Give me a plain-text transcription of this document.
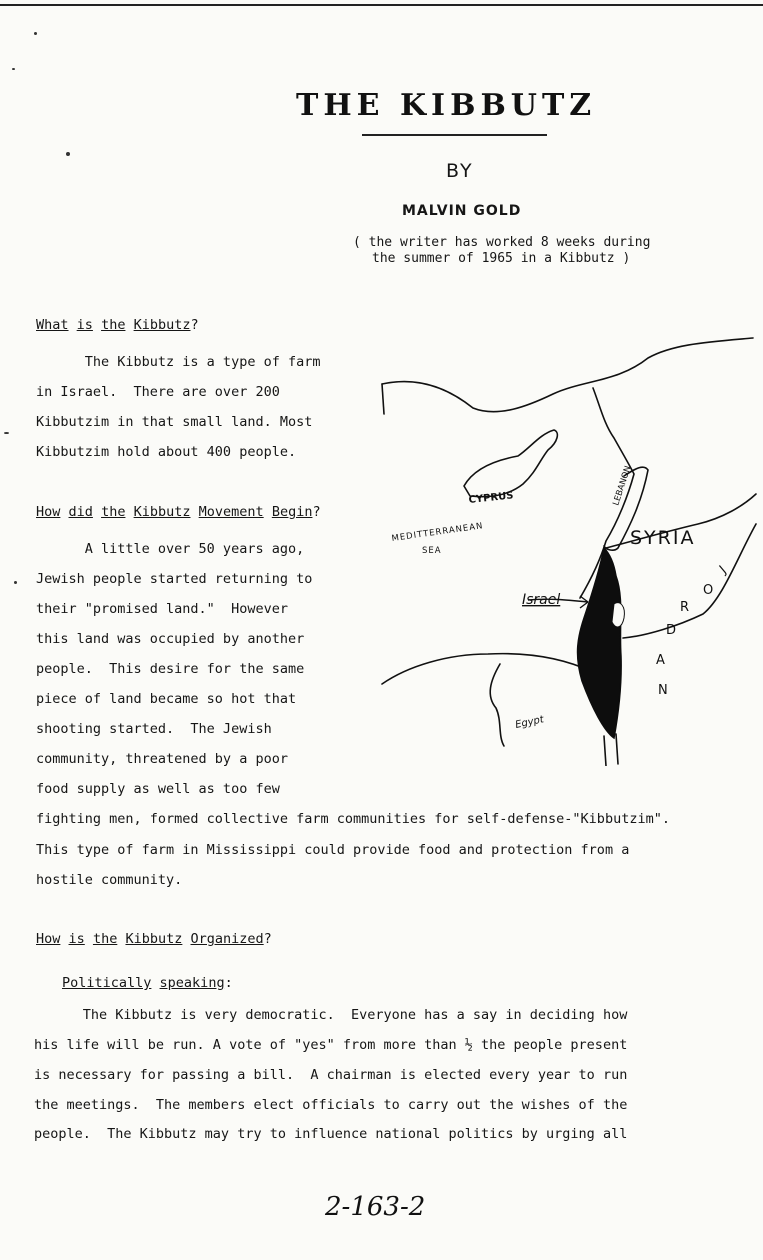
THE KIBBUTZ
BY
MALVIN GOLD
( the writer has worked 8 weeks during
the summer of 1965 in a Kibbutz )
What is the Kibbutz?
The Kibbutz is a type of farm
in Israel.  There are over 200
Kibbutzim in that small land. Most
Kibbutzim hold about 400 people.
How did the Kibbutz Movement Begin?
A little over 50 years ago,
Jewish people started returning to
their "promised land."  However
this land was occupied by another
people.  This desire for the same
piece of land became so hot that
shooting started.  The Jewish
community, threatened by a poor
food supply as well as too few
fighting men, formed collective farm communities for self-defense-"Kibbutzim".
This type of farm in Mississippi could provide food and protection from a
hostile community.
CYPRUS
MEDITTERRANEAN
SEA
LEBANON
SYRIA
Israel
Egypt
J
O
R
D
A
N
How is the Kibbutz Organized?
Politically speaking:
The Kibbutz is very democratic.  Everyone has a say in deciding how
his life will be run. A vote of "yes" from more than ½ the people present
is necessary for passing a bill.  A chairman is elected every year to run
the meetings.  The members elect officials to carry out the wishes of the
people.  The Kibbutz may try to influence national politics by urging all
2-163-2
